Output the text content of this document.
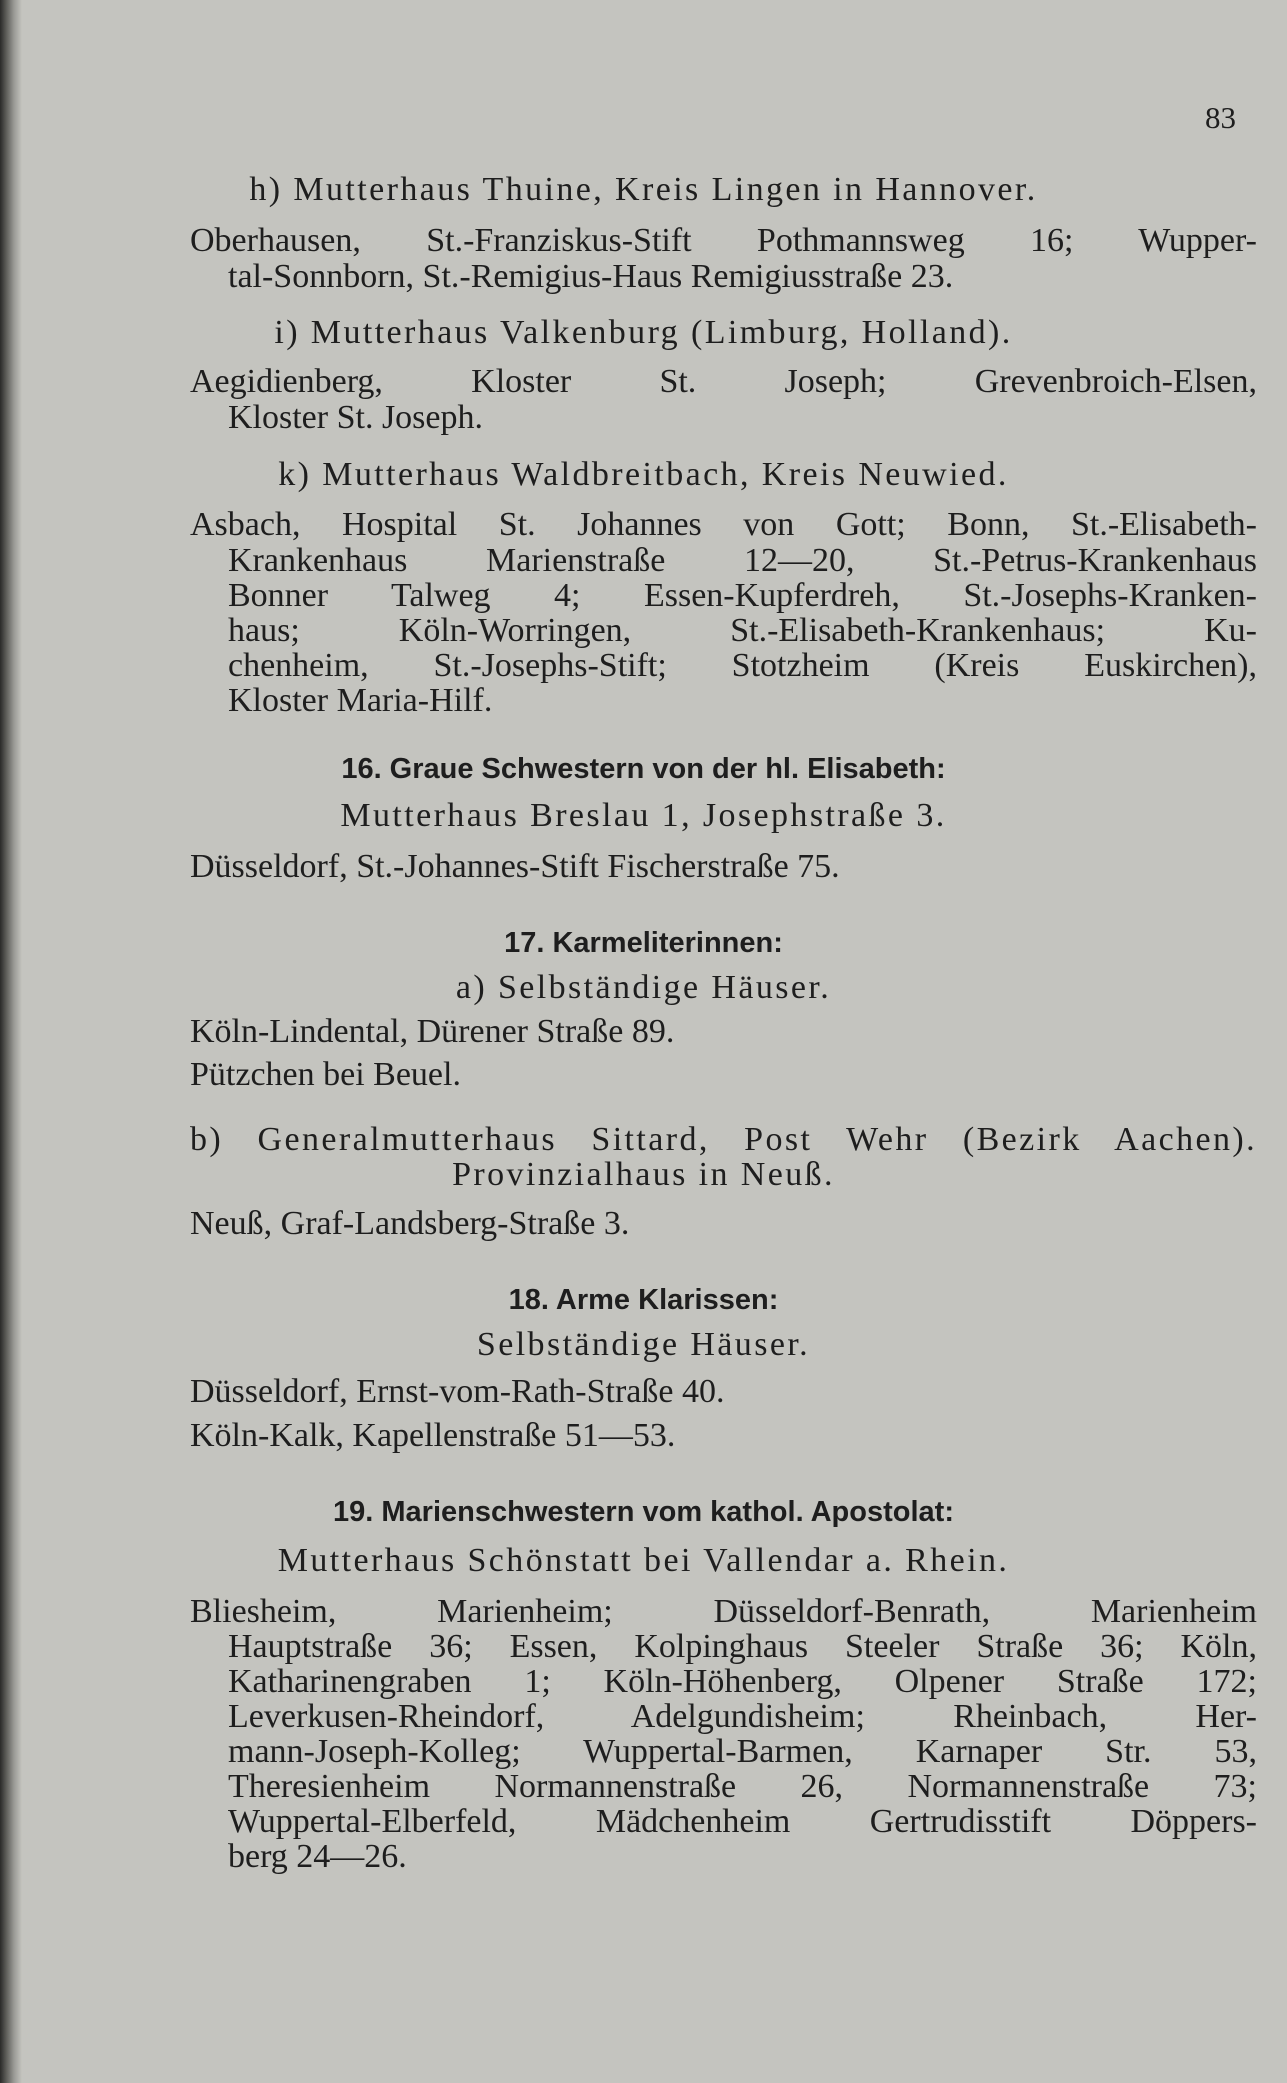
83
h) Mutterhaus Thuine, Kreis Lingen in Hannover.
Oberhausen, St.-Franziskus-Stift Pothmannsweg 16; Wupper-
tal-Sonnborn, St.-Remigius-Haus Remigiusstraße 23.
i) Mutterhaus Valkenburg (Limburg, Holland).
Aegidienberg, Kloster St. Joseph; Grevenbroich-Elsen,
Kloster St. Joseph.
k) Mutterhaus Waldbreitbach, Kreis Neuwied.
Asbach, Hospital St. Johannes von Gott; Bonn, St.-Elisabeth-
Krankenhaus Marienstraße 12—20, St.-Petrus-Krankenhaus
Bonner Talweg 4; Essen-Kupferdreh, St.-Josephs-Kranken-
haus; Köln-Worringen, St.-Elisabeth-Krankenhaus; Ku-
chenheim, St.-Josephs-Stift; Stotzheim (Kreis Euskirchen),
Kloster Maria-Hilf.
16. Graue Schwestern von der hl. Elisabeth:
Mutterhaus Breslau 1, Josephstraße 3.
Düsseldorf, St.-Johannes-Stift Fischerstraße 75.
17. Karmeliterinnen:
a) Selbständige Häuser.
Köln-Lindental, Dürener Straße 89.
Pützchen bei Beuel.
b) Generalmutterhaus Sittard, Post Wehr (Bezirk Aachen).
Provinzialhaus in Neuß.
Neuß, Graf-Landsberg-Straße 3.
18. Arme Klarissen:
Selbständige Häuser.
Düsseldorf, Ernst-vom-Rath-Straße 40.
Köln-Kalk, Kapellenstraße 51—53.
19. Marienschwestern vom kathol. Apostolat:
Mutterhaus Schönstatt bei Vallendar a. Rhein.
Bliesheim, Marienheim; Düsseldorf-Benrath, Marienheim
Hauptstraße 36; Essen, Kolpinghaus Steeler Straße 36; Köln,
Katharinengraben 1; Köln-Höhenberg, Olpener Straße 172;
Leverkusen-Rheindorf, Adelgundisheim; Rheinbach, Her-
mann-Joseph-Kolleg; Wuppertal-Barmen, Karnaper Str. 53,
Theresienheim Normannenstraße 26, Normannenstraße 73;
Wuppertal-Elberfeld, Mädchenheim Gertrudisstift Döppers-
berg 24—26.
